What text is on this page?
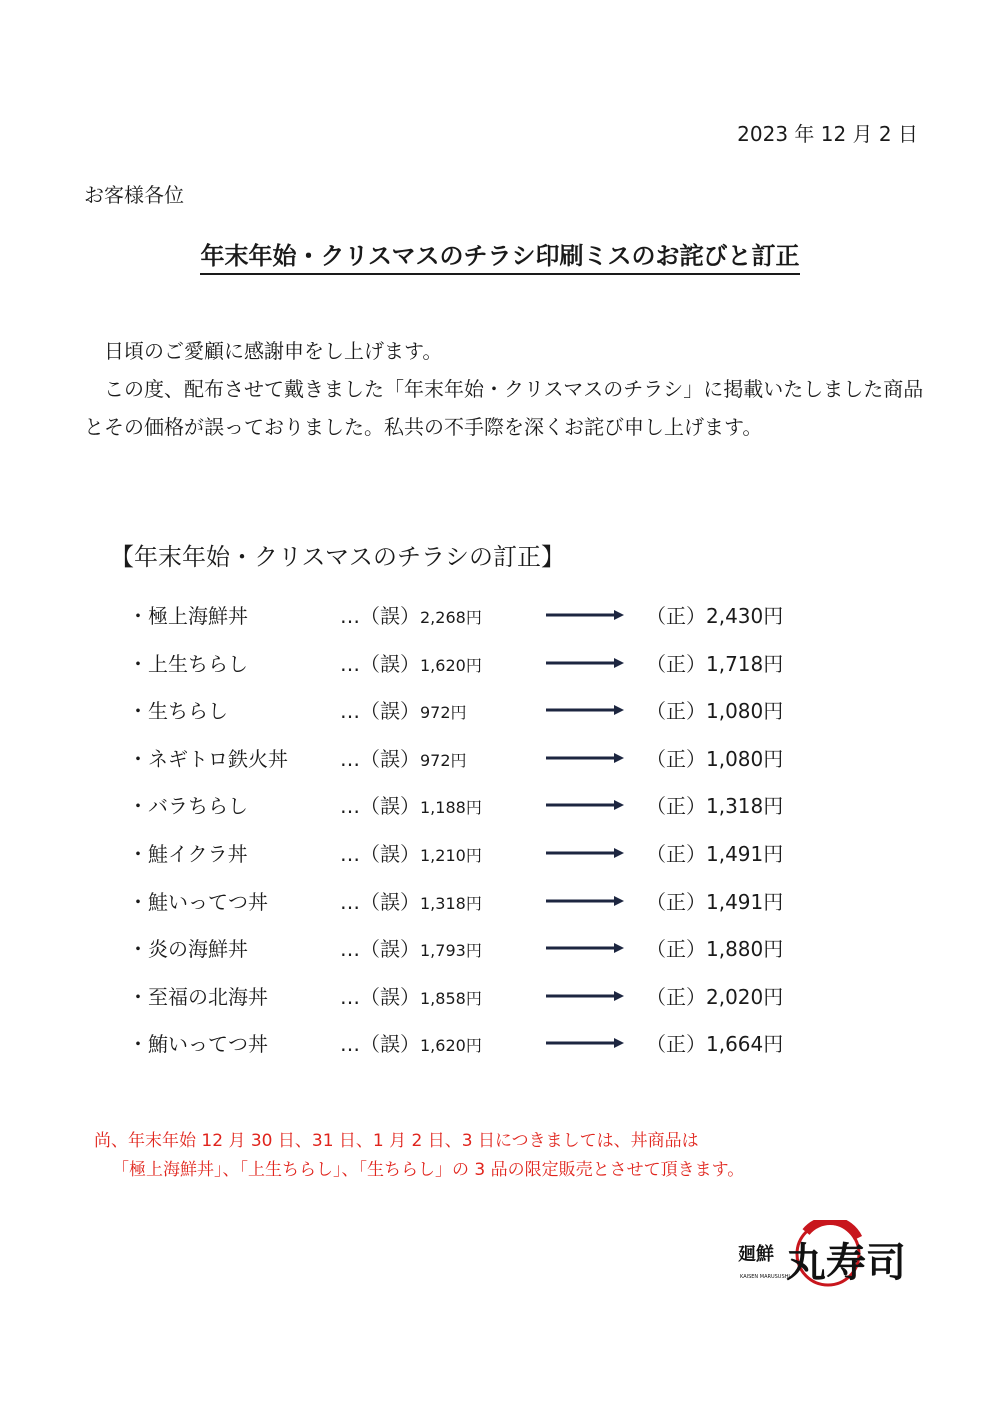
2023 年 12 月 2 日
お客様各位
年末年始・クリスマスのチラシ印刷ミスのお詫びと訂正
　日頃のご愛顧に感謝申をし上げます。
　この度、配布させて戴きました「年末年始・クリスマスのチラシ」に掲載いたしました商品とその価格が誤っておりました。私共の不手際を深くお詫び申し上げます。
【年末年始・クリスマスのチラシの訂正】
・極上海鮮丼	…（誤）2,268円	（正）2,430円
・上生ちらし	…（誤）1,620円	（正）1,718円
・生ちらし	…（誤）972円	（正）1,080円
・ネギトロ鉄火丼	…（誤）972円	（正）1,080円
・バラちらし	…（誤）1,188円	（正）1,318円
・鮭イクラ丼	…（誤）1,210円	（正）1,491円
・鮭いってつ丼	…（誤）1,318円	（正）1,491円
・炎の海鮮丼	…（誤）1,793円	（正）1,880円
・至福の北海丼	…（誤）1,858円	（正）2,020円
・鮪いってつ丼	…（誤）1,620円	（正）1,664円
尚、年末年始 12 月 30 日、31 日、1 月 2 日、3 日につきましては、丼商品は
「極上海鮮丼」、「上生ちらし」、「生ちらし」の 3 品の限定販売とさせて頂きます。
廻鮮 丸寿司
KAISEN MARUSUSHI
